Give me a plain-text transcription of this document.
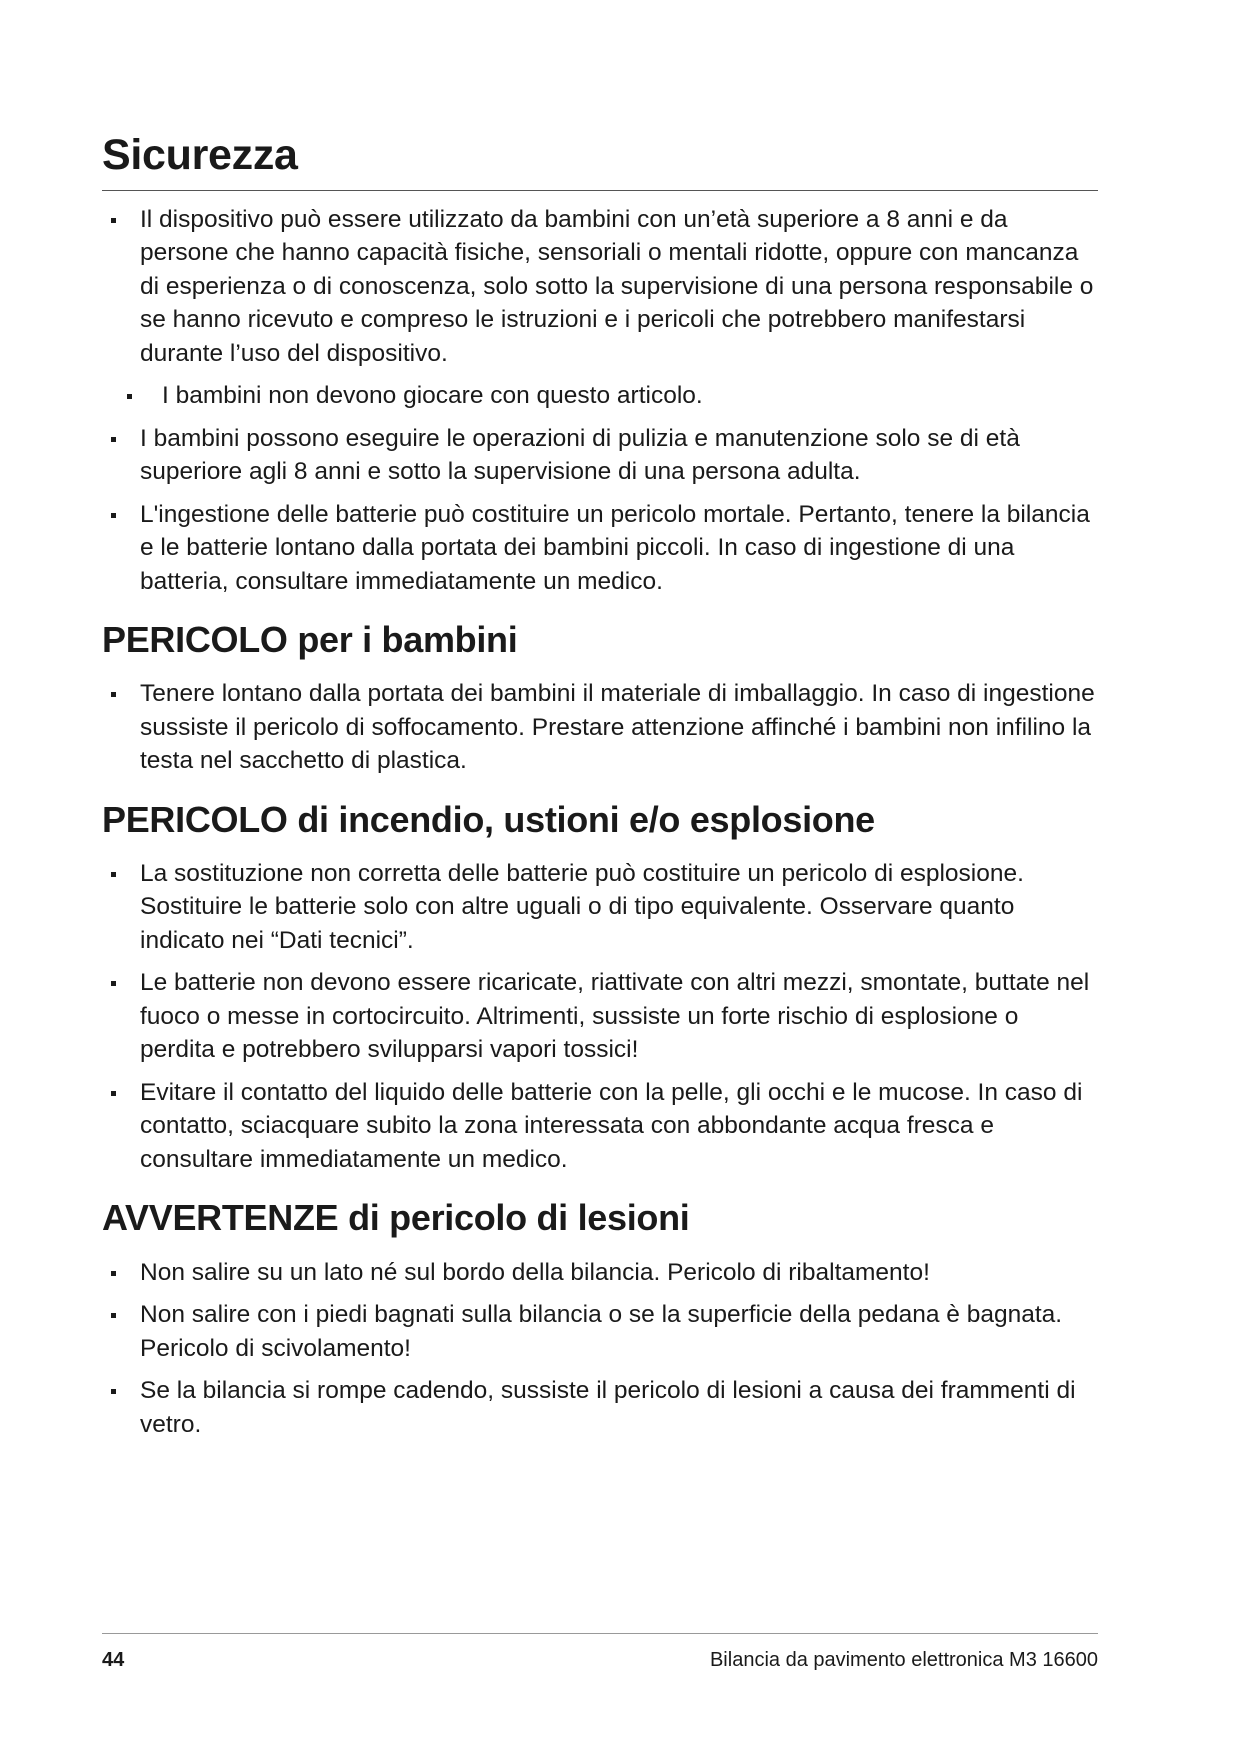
Sicurezza
Il dispositivo può essere utilizzato da bambini con un’età superiore a 8 anni e da persone che hanno capacità fisiche, sensoriali o mentali ridotte, oppure con mancanza di esperienza o di conoscenza, solo sotto la supervisione di una persona responsabile o se hanno ricevuto e compreso le istruzioni e i pericoli che potrebbero manifestarsi durante l’uso del dispositivo.
I bambini non devono giocare con questo articolo.
I bambini possono eseguire le operazioni di pulizia e manutenzione solo se di età superiore agli 8 anni e sotto la supervisione di una persona adulta.
L'ingestione delle batterie può costituire un pericolo mortale. Pertanto, tenere la bilancia e le batterie lontano dalla portata dei bambini piccoli. In caso di ingestione di una batteria, consultare immediatamente un medico.
PERICOLO per i bambini
Tenere lontano dalla portata dei bambini il materiale di imballaggio. In caso di ingestione sussiste il pericolo di soffocamento. Prestare attenzione affinché i bambini non infilino la testa nel sacchetto di plastica.
PERICOLO di incendio, ustioni e/o esplosione
La sostituzione non corretta delle batterie può costituire un pericolo di esplosione. Sostituire le batterie solo con altre uguali o di tipo equivalente. Osservare quanto indicato nei “Dati tecnici”.
Le batterie non devono essere ricaricate, riattivate con altri mezzi, smontate, buttate nel fuoco o messe in cortocircuito. Altrimenti, sussiste un forte rischio di esplosione o perdita e potrebbero svilupparsi vapori tossici!
Evitare il contatto del liquido delle batterie con la pelle, gli occhi e le mucose. In caso di contatto, sciacquare subito la zona interessata con abbondante acqua fresca e consultare immediatamente un medico.
AVVERTENZE di pericolo di lesioni
Non salire su un lato né sul bordo della bilancia. Pericolo di ribaltamento!
Non salire con i piedi bagnati sulla bilancia o se la superficie della pedana è bagnata. Pericolo di scivolamento!
Se la bilancia si rompe cadendo, sussiste il pericolo di lesioni a causa dei frammenti di vetro.
44	Bilancia da pavimento elettronica M3 16600
